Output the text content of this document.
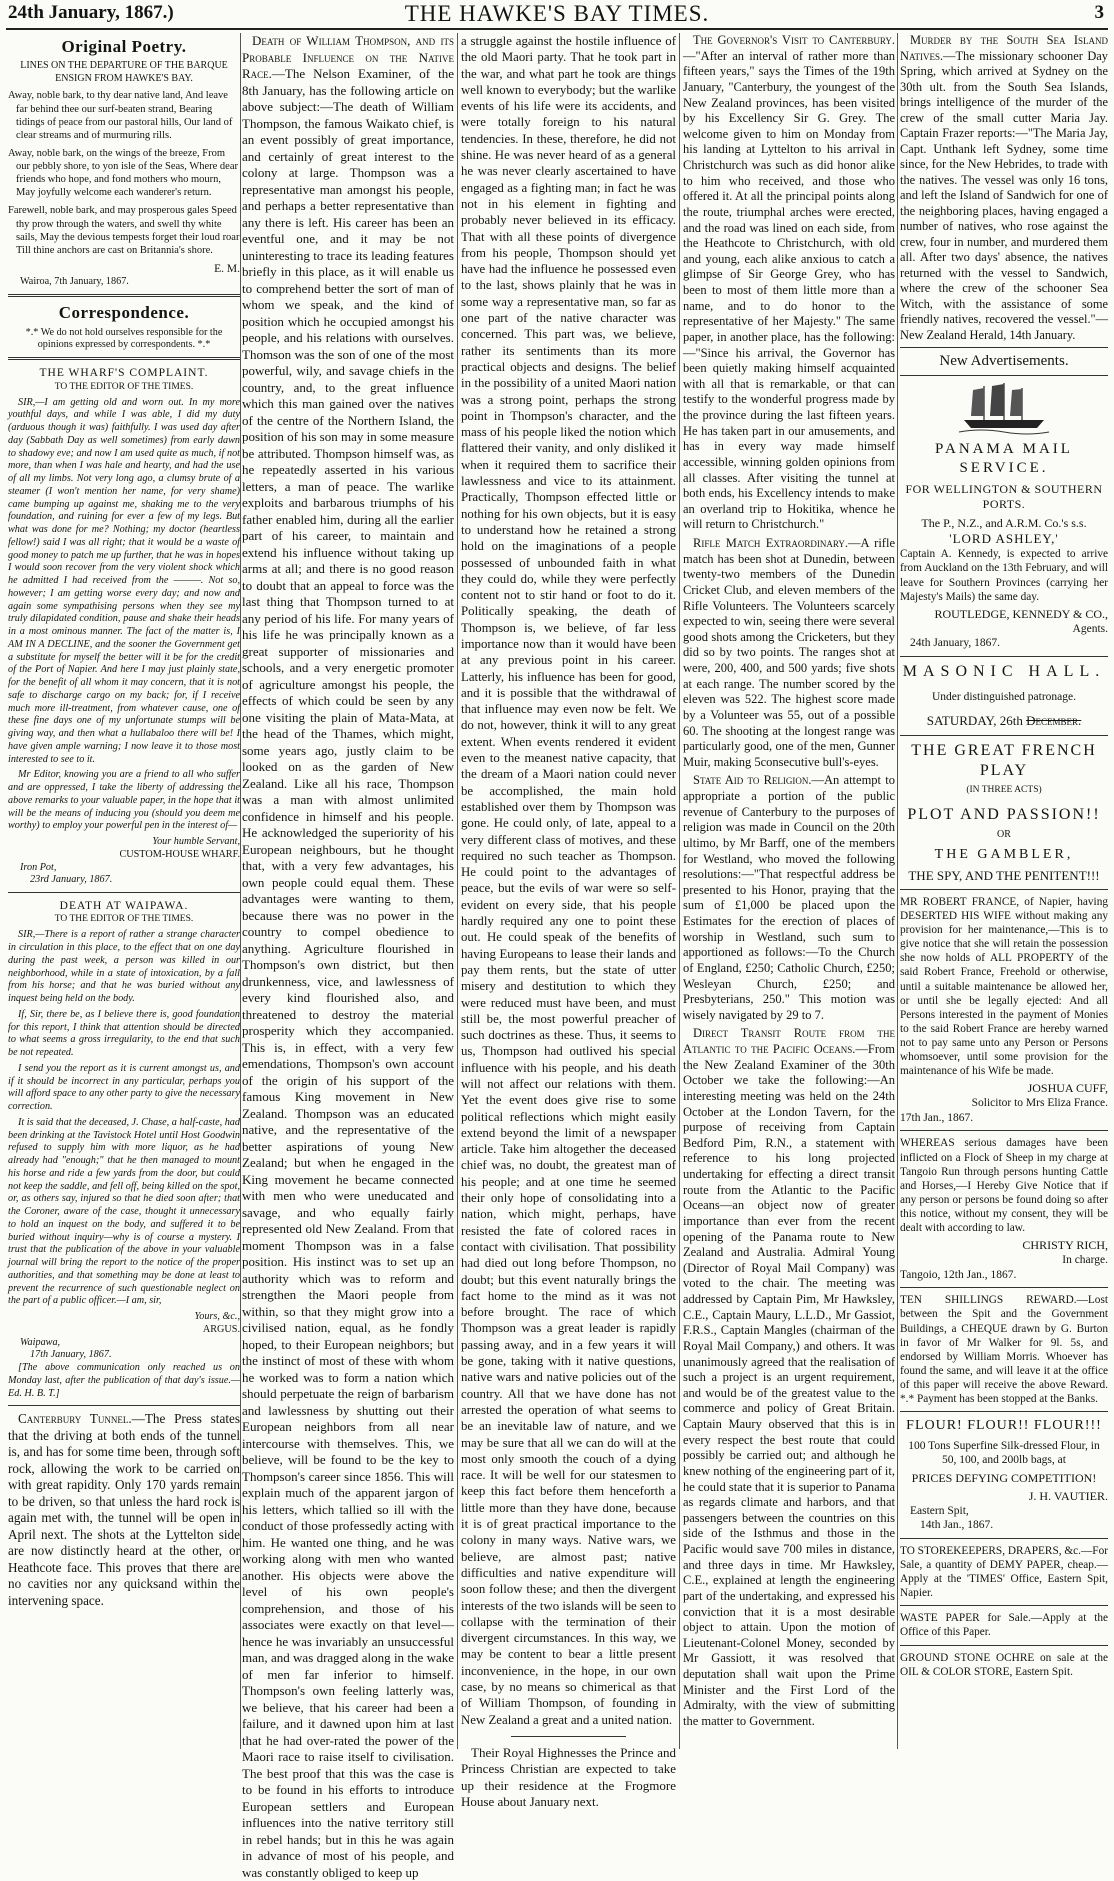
24th January, 1867.)	THE HAWKE'S BAY TIMES.	3
Original Poetry.
LINES ON THE DEPARTURE OF THE BARQUE ENSIGN FROM HAWKE'S BAY.
Away, noble bark, to thy dear native land, And leave far behind thee our surf-beaten strand, Bearing tidings of peace from our pastoral hills, Our land of clear streams and of murmuring rills.
Away, noble bark, on the wings of the breeze, From our pebbly shore, to yon isle of the Seas, Where dear friends who hope, and fond mothers who mourn, May joyfully welcome each wanderer's return.
Farewell, noble bark, and may prosperous gales Speed thy prow through the waters, and swell thy white sails, May the devious tempests forget their loud roar Till thine anchors are cast on Britannia's shore.
E. M.
Wairoa, 7th January, 1867.
Correspondence.
*.* We do not hold ourselves responsible for the opinions expressed by correspondents. *.*
THE WHARF'S COMPLAINT.
TO THE EDITOR OF THE TIMES.

SIR,—I am getting old and worn out. In my more youthful days, and while I was able, I did my duty (arduous though it was) faithfully. I was used day after day (Sabbath Day as well sometimes) from early dawn to shadowy eve; and now I am used quite as much, if not more, than when I was hale and hearty, and had the use of all my limbs. Not very long ago, a clumsy brute of a steamer (I won't mention her name, for very shame) came bumping up against me, shaking me to the very foundation, and ruining for ever a few of my legs. But what was done for me? Nothing; my doctor (heartless fellow!) said I was all right; that it would be a waste of good money to patch me up further, that he was in hopes I would soon recover from the very violent shock which he admitted I had received from the ———. Not so, however; I am getting worse every day; and now and again some sympathising persons when they see my truly dilapidated condition, pause and shake their heads in a most ominous manner. The fact of the matter is, I AM IN A DECLINE, and the sooner the Government get a substitute for myself the better will it be for the credit of the Port of Napier. And here I may just plainly state, for the benefit of all whom it may concern, that it is not safe to discharge cargo on my back; for, if I receive much more ill-treatment, from whatever cause, one of these fine days one of my unfortunate stumps will be giving way, and then what a hullabaloo there will be! I have given ample warning; I now leave it to those most interested to see to it.

Mr Editor, knowing you are a friend to all who suffer and are oppressed, I take the liberty of addressing the above remarks to your valuable paper, in the hope that it will be the means of inducing you (should you deem me worthy) to employ your powerful pen in the interest of—

Your humble Servant,
CUSTOM-HOUSE WHARF.
Iron Pot,
23rd January, 1867.
DEATH AT WAIPAWA.
TO THE EDITOR OF THE TIMES.

SIR,—There is a report of rather a strange character in circulation in this place, to the effect that on one day during the past week, a person was killed in our neighborhood, while in a state of intoxication, by a fall from his horse; and that he was buried without any inquest being held on the body.

If, Sir, there be, as I believe there is, good foundation for this report, I think that attention should be directed to what seems a gross irregularity, to the end that such be not repeated.

I send you the report as it is current amongst us, and if it should be incorrect in any particular, perhaps you will afford space to any other party to give the necessary correction.

It is said that the deceased, J. Chase, a half-caste, had been drinking at the Tavistock Hotel until Host Goodwin refused to supply him with more liquor, as he had already had "enough;" that he then managed to mount his horse and ride a few yards from the door, but could not keep the saddle, and fell off, being killed on the spot, or, as others say, injured so that he died soon after; that the Coroner, aware of the case, thought it unnecessary to hold an inquest on the body, and suffered it to be buried without inquiry—why is of course a mystery. I trust that the publication of the above in your valuable journal will bring the report to the notice of the proper authorities, and that something may be done at least to prevent the recurrence of such questionable neglect on the part of a public officer.—I am, sir,

Yours, &c.,
ARGUS.
Waipawa,
17th January, 1867.

[The above communication only reached us on Monday last, after the publication of that day's issue.—Ed. H. B. T.]

Canterbury Tunnel.—The Press states that the driving at both ends of the tunnel is, and has for some time been, through soft rock, allowing the work to be carried on with great rapidity. Only 170 yards remain to be driven, so that unless the hard rock is again met with, the tunnel will be open in April next. The shots at the Lyttelton side are now distinctly heard at the other, or Heathcote face. This proves that there are no cavities nor any quicksand within the intervening space.

Death of William Thompson, and its Probable Influence on the Native Race.—The Nelson Examiner, of the 8th January, has the following article on above subject:—The death of William Thompson, the famous Waikato chief, is an event possibly of great importance, and certainly of great interest to the colony at large. Thompson was a representative man amongst his people, and perhaps a better representative than any there is left. His career has been an eventful one, and it may be not uninteresting to trace its leading features briefly in this place, as it will enable us to comprehend better the sort of man of whom we speak, and the kind of position which he occupied amongst his people, and his relations with ourselves. Thomson was the son of one of the most powerful, wily, and savage chiefs in the country, and, to the great influence which this man gained over the natives of the centre of the Northern Island, the position of his son may in some measure be attributed. Thompson himself was, as he repeatedly asserted in his various letters, a man of peace. The warlike exploits and barbarous triumphs of his father enabled him, during all the earlier part of his career, to maintain and extend his influence without taking up arms at all; and there is no good reason to doubt that an appeal to force was the last thing that Thompson turned to at any period of his life. For many years of his life he was principally known as a great supporter of missionaries and schools, and a very energetic promoter of agriculture amongst his people, the effects of which could be seen by any one visiting the plain of Mata-Mata, at the head of the Thames, which might, some years ago, justly claim to be looked on as the garden of New Zealand. Like all his race, Thompson was a man with almost unlimited confidence in himself and his people. He acknowledged the superiority of his European neighbours, but he thought that, with a very few advantages, his own people could equal them. These advantages were wanting to them, because there was no power in the country to compel obedience to anything. Agriculture flourished in Thompson's own district, but then drunkenness, vice, and lawlessness of every kind flourished also, and threatened to destroy the material prosperity which they accompanied. This is, in effect, with a very few emendations, Thompson's own account of the origin of his support of the famous King movement in New Zealand. Thompson was an educated native, and the representative of the better aspirations of young New Zealand; but when he engaged in the King movement he became connected with men who were uneducated and savage, and who equally fairly represented old New Zealand. From that moment Thompson was in a false position. His instinct was to set up an authority which was to reform and strengthen the Maori people from within, so that they might grow into a civilised nation, equal, as he fondly hoped, to their European neighbors; but the instinct of most of these with whom he worked was to form a nation which should perpetuate the reign of barbarism and lawlessness by shutting out their European neighbors from all near intercourse with themselves. This, we believe, will be found to be the key to Thompson's career since 1856. This will explain much of the apparent jargon of his letters, which tallied so ill with the conduct of those professedly acting with him. He wanted one thing, and he was working along with men who wanted another. His objects were above the level of his own people's comprehension, and those of his associates were exactly on that level—hence he was invariably an unsuccessful man, and was dragged along in the wake of men far inferior to himself. Thompson's own feeling latterly was, we believe, that his career had been a failure, and it dawned upon him at last that he had over-rated the power of the Maori race to raise itself to civilisation. The best proof that this was the case is to be found in his efforts to introduce European settlers and European influences into the native territory still in rebel hands; but in this he was again in advance of most of his people, and was constantly obliged to keep up

a struggle against the hostile influence of the old Maori party. That he took part in the war, and what part he took are things well known to everybody; but the warlike events of his life were its accidents, and were totally foreign to his natural tendencies. In these, therefore, he did not shine. He was never heard of as a general he was never clearly ascertained to have engaged as a fighting man; in fact he was not in his element in fighting and probably never believed in its efficacy. That with all these points of divergence from his people, Thompson should yet have had the influence he possessed even to the last, shows plainly that he was in some way a representative man, so far as one part of the native character was concerned. This part was, we believe, rather its sentiments than its more practical objects and designs. The belief in the possibility of a united Maori nation was a strong point, perhaps the strong point in Thompson's character, and the mass of his people liked the notion which flattered their vanity, and only disliked it when it required them to sacrifice their lawlessness and vice to its attainment. Practically, Thompson effected little or nothing for his own objects, but it is easy to understand how he retained a strong hold on the imaginations of a people possessed of unbounded faith in what they could do, while they were perfectly content not to stir hand or foot to do it. Politically speaking, the death of Thompson is, we believe, of far less importance now than it would have been at any previous point in his career. Latterly, his influence has been for good, and it is possible that the withdrawal of that influence may even now be felt. We do not, however, think it will to any great extent. When events rendered it evident even to the meanest native capacity, that the dream of a Maori nation could never be accomplished, the main hold established over them by Thompson was gone. He could only, of late, appeal to a very different class of motives, and these required no such teacher as Thompson. He could point to the advantages of peace, but the evils of war were so self-evident on every side, that his people hardly required any one to point these out. He could speak of the benefits of having Europeans to lease their lands and pay them rents, but the state of utter misery and destitution to which they were reduced must have been, and must still be, the most powerful preacher of such doctrines as these. Thus, it seems to us, Thompson had outlived his special influence with his people, and his death will not affect our relations with them. Yet the event does give rise to some political reflections which might easily extend beyond the limit of a newspaper article. Take him altogether the deceased chief was, no doubt, the greatest man of his people; and at one time he seemed their only hope of consolidating into a nation, which might, perhaps, have resisted the fate of colored races in contact with civilisation. That possibility had died out long before Thompson, no doubt; but this event naturally brings the fact home to the mind as it was not before brought. The race of which Thompson was a great leader is rapidly passing away, and in a few years it will be gone, taking with it native questions, native wars and native policies out of the country. All that we have done has not arrested the operation of what seems to be an inevitable law of nature, and we may be sure that all we can do will at the most only smooth the couch of a dying race. It will be well for our statesmen to keep this fact before them henceforth a little more than they have done, because it is of great practical importance to the colony in many ways. Native wars, we believe, are almost past; native difficulties and native expenditure will soon follow these; and then the divergent interests of the two islands will be seen to collapse with the termination of their divergent circumstances. In this way, we may be content to bear a little present inconvenience, in the hope, in our own case, by no means so chimerical as that of William Thompson, of founding in New Zealand a great and a united nation.

Their Royal Highnesses the Prince and Princess Christian are expected to take up their residence at the Frogmore House about January next.

The Governor's Visit to Canterbury.—"After an interval of rather more than fifteen years," says the Times of the 19th January, "Canterbury, the youngest of the New Zealand provinces, has been visited by his Excellency Sir G. Grey. The welcome given to him on Monday from his landing at Lyttelton to his arrival in Christchurch was such as did honor alike to him who received, and those who offered it. At all the principal points along the route, triumphal arches were erected, and the road was lined on each side, from the Heathcote to Christchurch, with old and young, each alike anxious to catch a glimpse of Sir George Grey, who has been to most of them little more than a name, and to do honor to the representative of her Majesty." The same paper, in another place, has the following:—"Since his arrival, the Governor has been quietly making himself acquainted with all that is remarkable, or that can testify to the wonderful progress made by the province during the last fifteen years. He has taken part in our amusements, and has in every way made himself accessible, winning golden opinions from all classes. After visiting the tunnel at both ends, his Excellency intends to make an overland trip to Hokitika, whence he will return to Christchurch."

Rifle Match Extraordinary.—A rifle match has been shot at Dunedin, between twenty-two members of the Dunedin Cricket Club, and eleven members of the Rifle Volunteers. The Volunteers scarcely expected to win, seeing there were several good shots among the Cricketers, but they did so by two points. The ranges shot at were, 200, 400, and 500 yards; five shots at each range. The number scored by the eleven was 522. The highest score made by a Volunteer was 55, out of a possible 60. The shooting at the longest range was particularly good, one of the men, Gunner Muir, making 5consecutive bull's-eyes.

State Aid to Religion.—An attempt to appropriate a portion of the public revenue of Canterbury to the purposes of religion was made in Council on the 20th ultimo, by Mr Barff, one of the members for Westland, who moved the following resolutions:—"That respectful address be presented to his Honor, praying that the sum of £1,000 be placed upon the Estimates for the erection of places of worship in Westland, such sum to apportioned as follows:—To the Church of England, £250; Catholic Church, £250; Wesleyan Church, £250; and Presbyterians, 250." This motion was wisely navigated by 29 to 7.

Direct Transit Route from the Atlantic to the Pacific Oceans.—From the New Zealand Examiner of the 30th October we take the following:—An interesting meeting was held on the 24th October at the London Tavern, for the purpose of receiving from Captain Bedford Pim, R.N., a statement with reference to his long projected undertaking for effecting a direct transit route from the Atlantic to the Pacific Oceans—an object now of greater importance than ever from the recent opening of the Panama route to New Zealand and Australia. Admiral Young (Director of Royal Mail Company) was voted to the chair. The meeting was addressed by Captain Pim, Mr Hawksley, C.E., Captain Maury, L.L.D., Mr Gassiot, F.R.S., Captain Mangles (chairman of the Royal Mail Company,) and others. It was unanimously agreed that the realisation of such a project is an urgent requirement, and would be of the greatest value to the commerce and policy of Great Britain. Captain Maury observed that this is in every respect the best route that could possibly be carried out; and although he knew nothing of the engineering part of it, he could state that it is superior to Panama as regards climate and harbors, and that passengers between the countries on this side of the Isthmus and those in the Pacific would save 700 miles in distance, and three days in time. Mr Hawksley, C.E., explained at length the engineering part of the undertaking, and expressed his conviction that it is a most desirable object to attain. Upon the motion of Lieutenant-Colonel Money, seconded by Mr Gassiott, it was resolved that deputation shall wait upon the Prime Minister and the First Lord of the Admiralty, with the view of submitting the matter to Government.

Murder by the South Sea Island Natives.—The missionary schooner Day Spring, which arrived at Sydney on the 30th ult. from the South Sea Islands, brings intelligence of the murder of the crew of the small cutter Maria Jay. Captain Frazer reports:—"The Maria Jay, Capt. Unthank left Sydney, some time since, for the New Hebrides, to trade with the natives. The vessel was only 16 tons, and left the Island of Sandwich for one of the neighboring places, having engaged a number of natives, who rose against the crew, four in number, and murdered them all. After two days' absence, the natives returned with the vessel to Sandwich, where the crew of the schooner Sea Witch, with the assistance of some friendly natives, recovered the vessel."—New Zealand Herald, 14th January.

New Advertisements.
PANAMA MAIL SERVICE.
FOR WELLINGTON & SOUTHERN PORTS.
The P., N.Z., and A.R.M. Co.'s s.s.
'LORD ASHLEY,'

Captain A. Kennedy, is expected to arrive from Auckland on the 13th February, and will leave for Southern Provinces (carrying her Majesty's Mails) the same day.

ROUTLEDGE, KENNEDY & CO.,
Agents.
24th January, 1867.
MASONIC HALL.
Under distinguished patronage.
SATURDAY, 26th December.
THE GREAT FRENCH PLAY
(IN THREE ACTS)
PLOT AND PASSION!!
OR
THE GAMBLER,
THE SPY, AND THE PENITENT!!!

MR ROBERT FRANCE, of Napier, having DESERTED HIS WIFE without making any provision for her maintenance,—This is to give notice that she will retain the possession she now holds of ALL PROPERTY of the said Robert France, Freehold or otherwise, until a suitable maintenance be allowed her, or until she be legally ejected: And all Persons interested in the payment of Monies to the said Robert France are hereby warned not to pay same unto any Person or Persons whomsoever, until some provision for the maintenance of his Wife be made.

JOSHUA CUFF,
Solicitor to Mrs Eliza France.
17th Jan., 1867.

WHEREAS serious damages have been inflicted on a Flock of Sheep in my charge at Tangoio Run through persons hunting Cattle and Horses,—I Hereby Give Notice that if any person or persons be found doing so after this notice, without my consent, they will be dealt with according to law.

CHRISTY RICH,
In charge.
Tangoio, 12th Jan., 1867.

TEN SHILLINGS REWARD.—Lost between the Spit and the Government Buildings, a CHEQUE drawn by G. Burton in favor of Mr Walker for 9l. 5s, and endorsed by William Morris. Whoever has found the same, and will leave it at the office of this paper will receive the above Reward. *.* Payment has been stopped at the Banks.

FLOUR! FLOUR!! FLOUR!!!
100 Tons Superfine Silk-dressed Flour, in 50, 100, and 200lb bags, at
PRICES DEFYING COMPETITION!
J. H. VAUTIER.
Eastern Spit,
14th Jan., 1867.

TO STOREKEEPERS, DRAPERS, &c.—For Sale, a quantity of DEMY PAPER, cheap.—Apply at the 'TIMES' Office, Eastern Spit, Napier.

WASTE PAPER for Sale.—Apply at the Office of this Paper.

GROUND STONE OCHRE on sale at the OIL & COLOR STORE, Eastern Spit.
